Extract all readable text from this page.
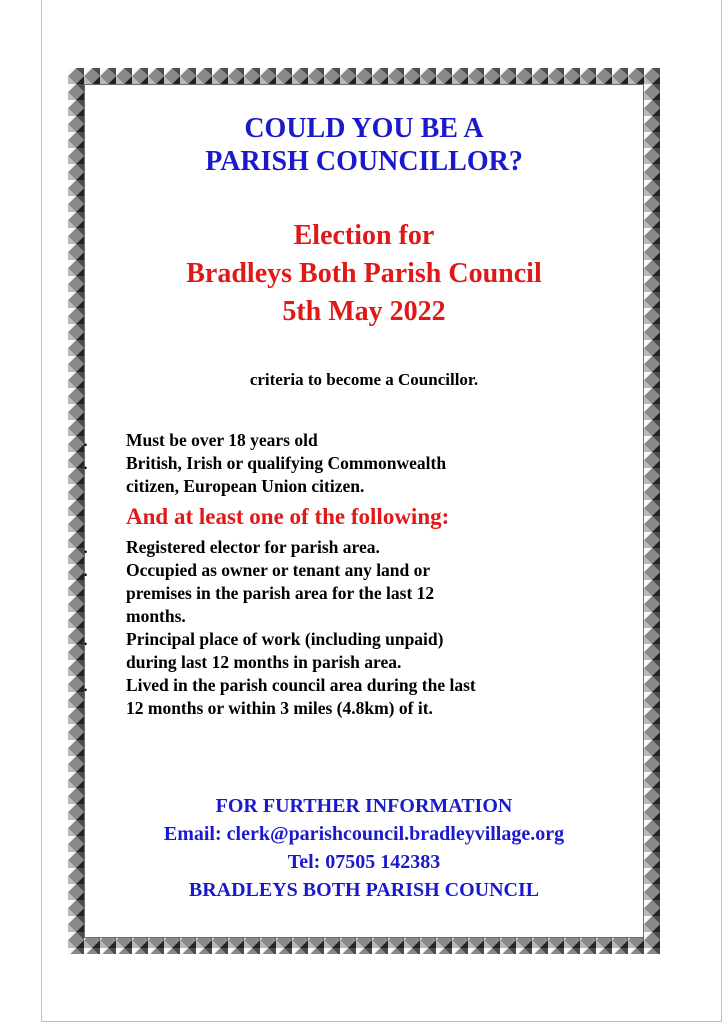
COULD YOU BE A
PARISH COUNCILLOR?
Election for
Bradleys Both Parish Council
5th May 2022
criteria to become a Councillor.
• Must be over 18 years old
• British, Irish or qualifying Commonwealth
citizen, European Union citizen.
And at least one of the following:
• Registered elector for parish area.
• Occupied as owner or tenant any land or
premises in the parish area for the last 12
months.
• Principal place of work (including unpaid)
during last 12 months in parish area.
• Lived in the parish council area during the last
12 months or within 3 miles (4.8km) of it.
FOR FURTHER INFORMATION
Email: clerk@parishcouncil.bradleyvillage.org
Tel: 07505 142383
BRADLEYS BOTH PARISH COUNCIL
